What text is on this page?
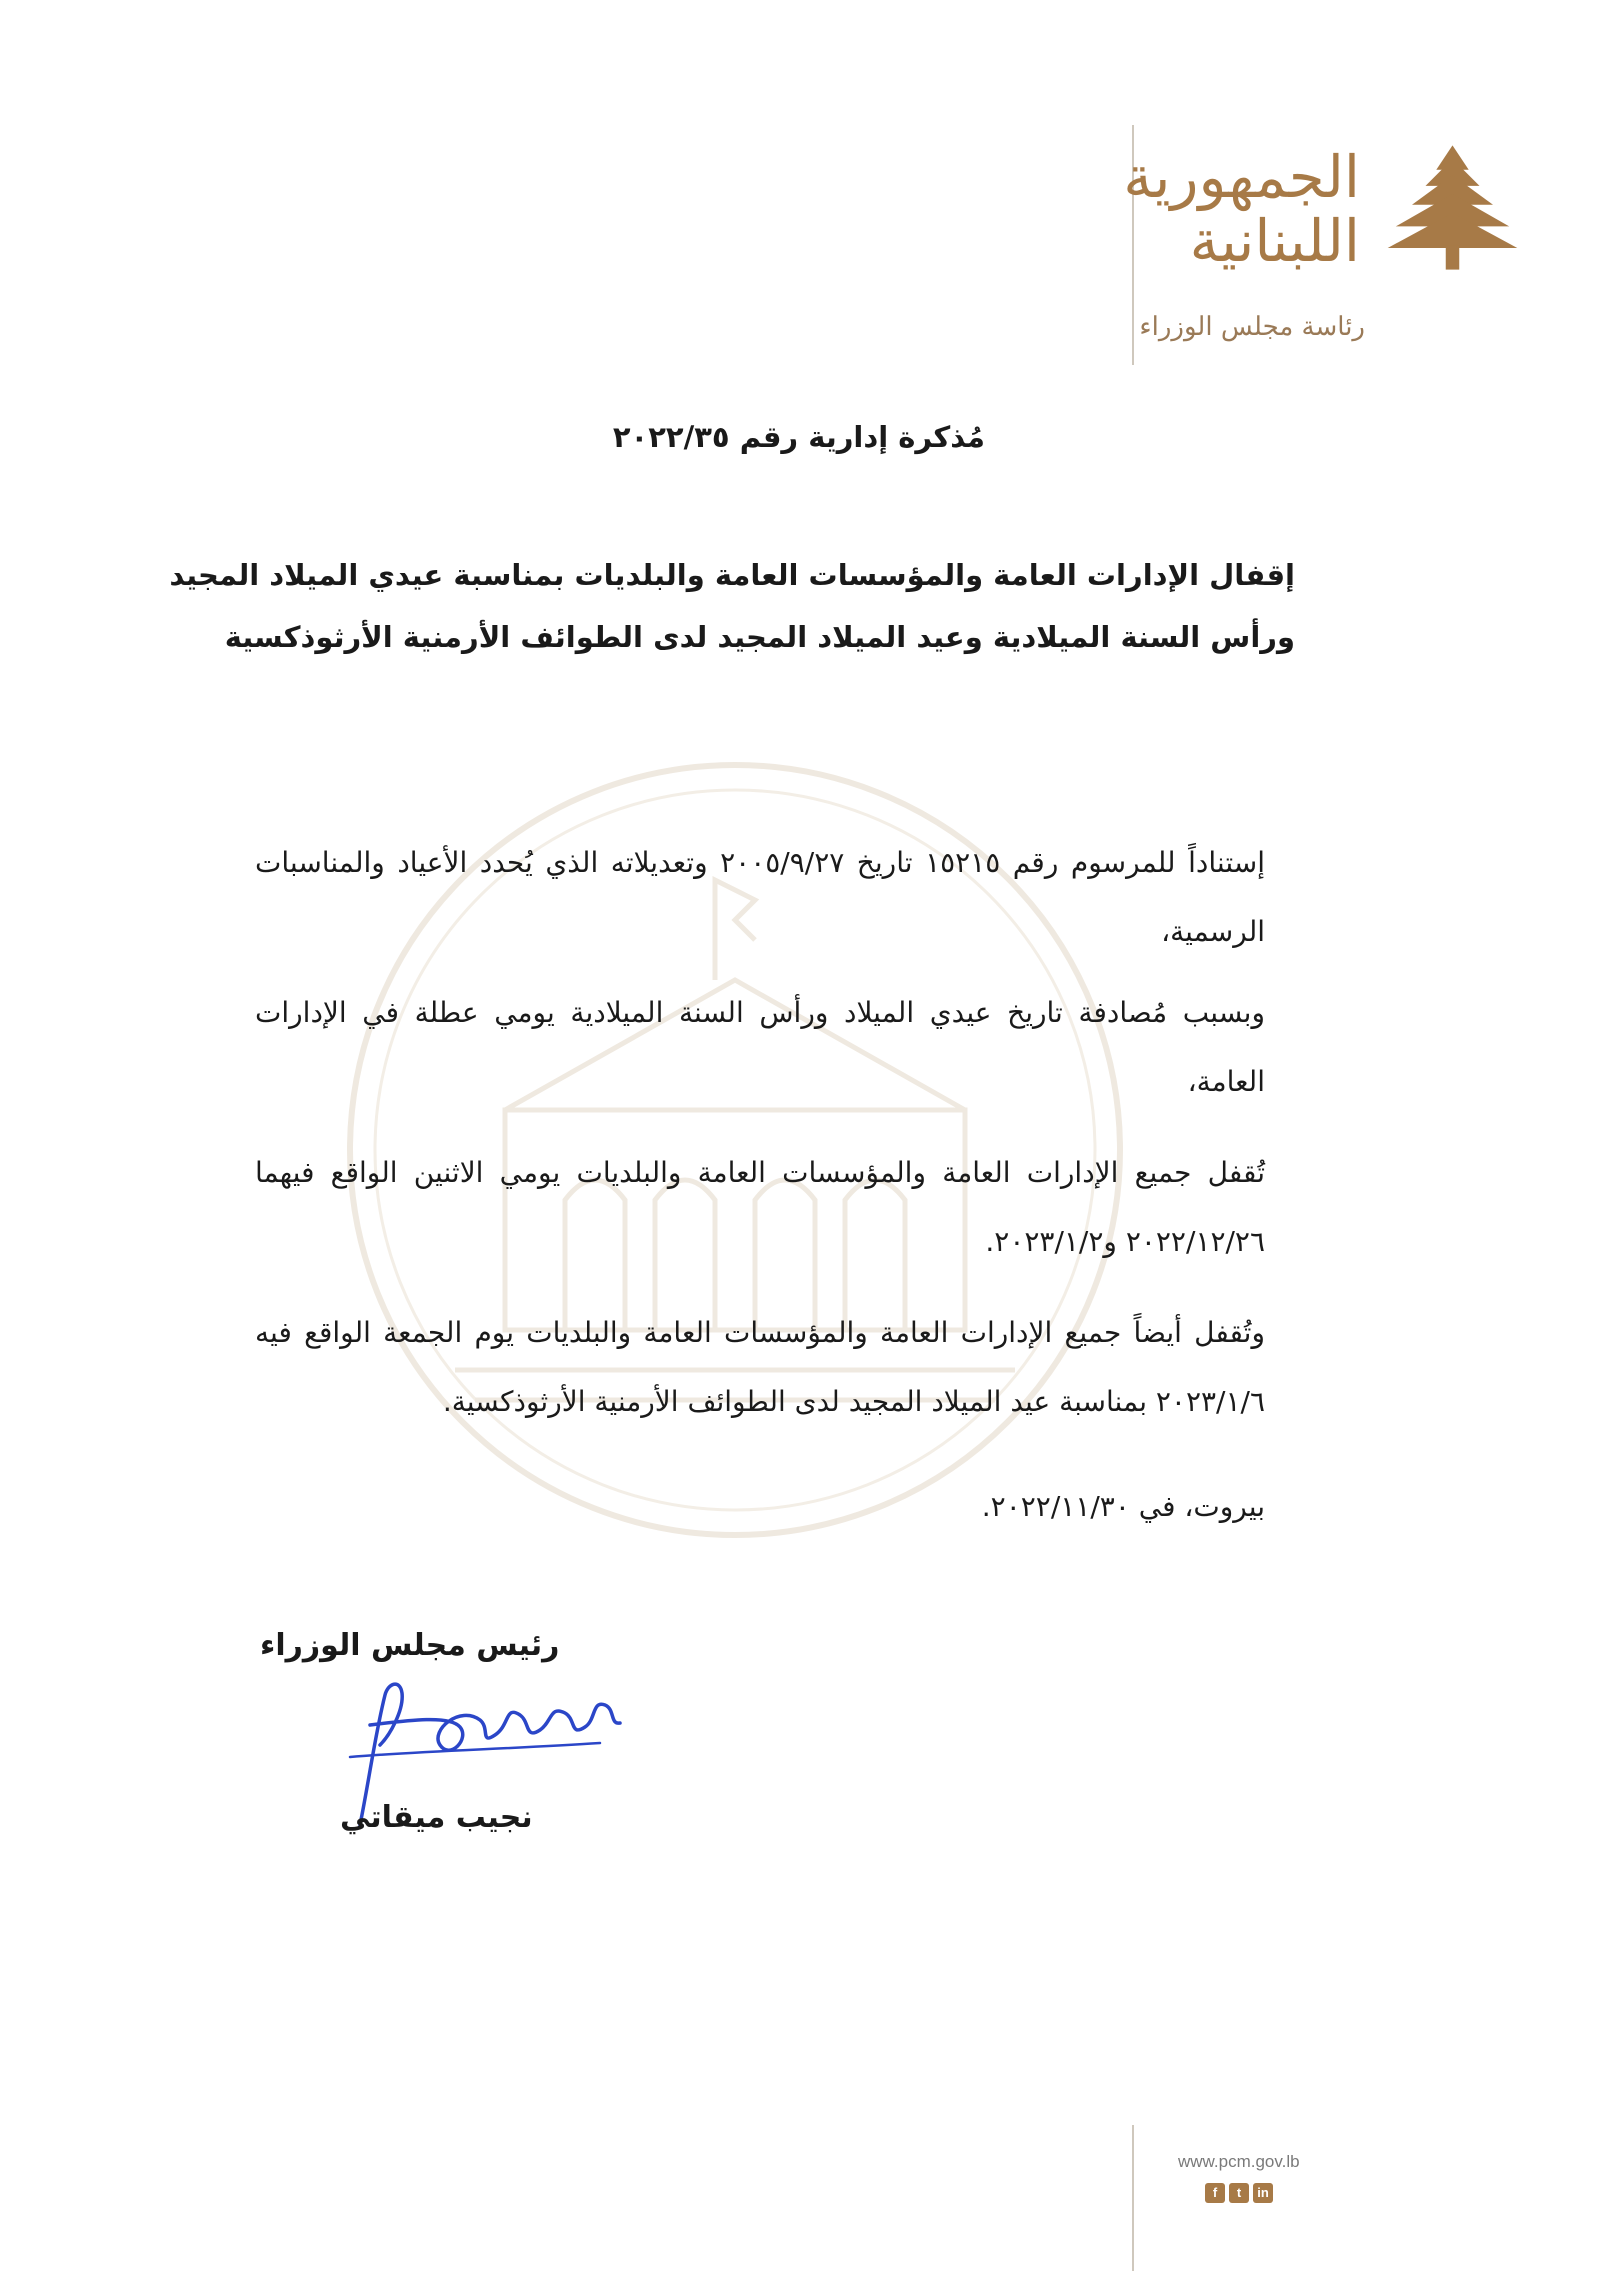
الجمهورية
اللبنانية
رئاسة مجلس الوزراء
مُذكرة إدارية رقم ٢٠٢٢/٣٥
إقفال الإدارات العامة والمؤسسات العامة والبلديات بمناسبة عيدي الميلاد المجيد
ورأس السنة الميلادية وعيد الميلاد المجيد لدى الطوائف الأرمنية الأرثوذكسية

إستناداً للمرسوم رقم ١٥٢١٥ تاريخ ٢٠٠٥/٩/٢٧ وتعديلاته الذي يُحدد الأعياد والمناسبات الرسمية،

وبسبب مُصادفة تاريخ عيدي الميلاد ورأس السنة الميلادية يومي عطلة في الإدارات العامة،

تُقفل جميع الإدارات العامة والمؤسسات العامة والبلديات يومي الاثنين الواقع فيهما ٢٠٢٢/١٢/٢٦ و٢٠٢٣/١/٢.

وتُقفل أيضاً جميع الإدارات العامة والمؤسسات العامة والبلديات يوم الجمعة الواقع فيه ٢٠٢٣/١/٦ بمناسبة عيد الميلاد المجيد لدى الطوائف الأرمنية الأرثوذكسية.

بيروت، في ٢٠٢٢/١١/٣٠.
رئيس مجلس الوزراء
نجيب ميقاتي
www.pcm.gov.lb
f	t	in
